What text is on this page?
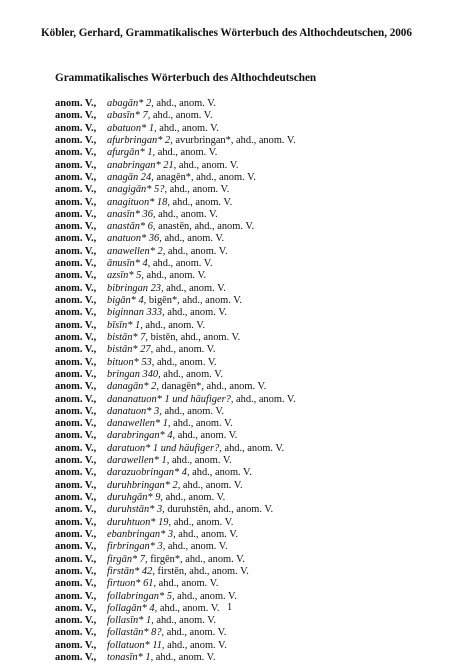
Köbler, Gerhard, Grammatikalisches Wörterbuch des Althochdeutschen, 2006
Grammatikalisches Wörterbuch des Althochdeutschen
anom. V., abagān* 2, ahd., anom. V.
anom. V., abasīn* 7, ahd., anom. V.
anom. V., abatuon* 1, ahd., anom. V.
anom. V., afurbringan* 2, avurbringan*, ahd., anom. V.
anom. V., afurgān* 1, ahd., anom. V.
anom. V., anabringan* 21, ahd., anom. V.
anom. V., anagān 24, anagēn*, ahd., anom. V.
anom. V., anagigān* 5?, ahd., anom. V.
anom. V., anagituon* 18, ahd., anom. V.
anom. V., anasīn* 36, ahd., anom. V.
anom. V., anastān* 6, anastēn, ahd., anom. V.
anom. V., anatuon* 36, ahd., anom. V.
anom. V., anawellen* 2, ahd., anom. V.
anom. V., ānusīn* 4, ahd., anom. V.
anom. V., azsīn* 5, ahd., anom. V.
anom. V., bibringan 23, ahd., anom. V.
anom. V., bigān* 4, bigēn*, ahd., anom. V.
anom. V., biginnan 333, ahd., anom. V.
anom. V., bīsīn* 1, ahd., anom. V.
anom. V., bistān* 7, bistēn, ahd., anom. V.
anom. V., bistān* 27, ahd., anom. V.
anom. V., bituon* 53, ahd., anom. V.
anom. V., bringan 340, ahd., anom. V.
anom. V., danagān* 2, danagēn*, ahd., anom. V.
anom. V., dananatuon* 1 und häufiger?, ahd., anom. V.
anom. V., danatuon* 3, ahd., anom. V.
anom. V., danawellen* 1, ahd., anom. V.
anom. V., darabringan* 4, ahd., anom. V.
anom. V., daratuon* 1 und häufiger?, ahd., anom. V.
anom. V., darawellen* 1, ahd., anom. V.
anom. V., darazuobringan* 4, ahd., anom. V.
anom. V., duruhbringan* 2, ahd., anom. V.
anom. V., duruhgān* 9, ahd., anom. V.
anom. V., duruhstān* 3, duruhstēn, ahd., anom. V.
anom. V., duruhtuon* 19, ahd., anom. V.
anom. V., ebanbringan* 3, ahd., anom. V.
anom. V., firbringan* 3, ahd., anom. V.
anom. V., firgān* 7, firgēn*, ahd., anom. V.
anom. V., firstān* 42, firstēn, ahd., anom. V.
anom. V., firtuon* 61, ahd., anom. V.
anom. V., follabringan* 5, ahd., anom. V.
anom. V., follagān* 4, ahd., anom. V.
anom. V., follasīn* 1, ahd., anom. V.
anom. V., follastān* 8?, ahd., anom. V.
anom. V., follatuon* 11, ahd., anom. V.
anom. V., tonasīn* 1, ahd., anom. V.
1
